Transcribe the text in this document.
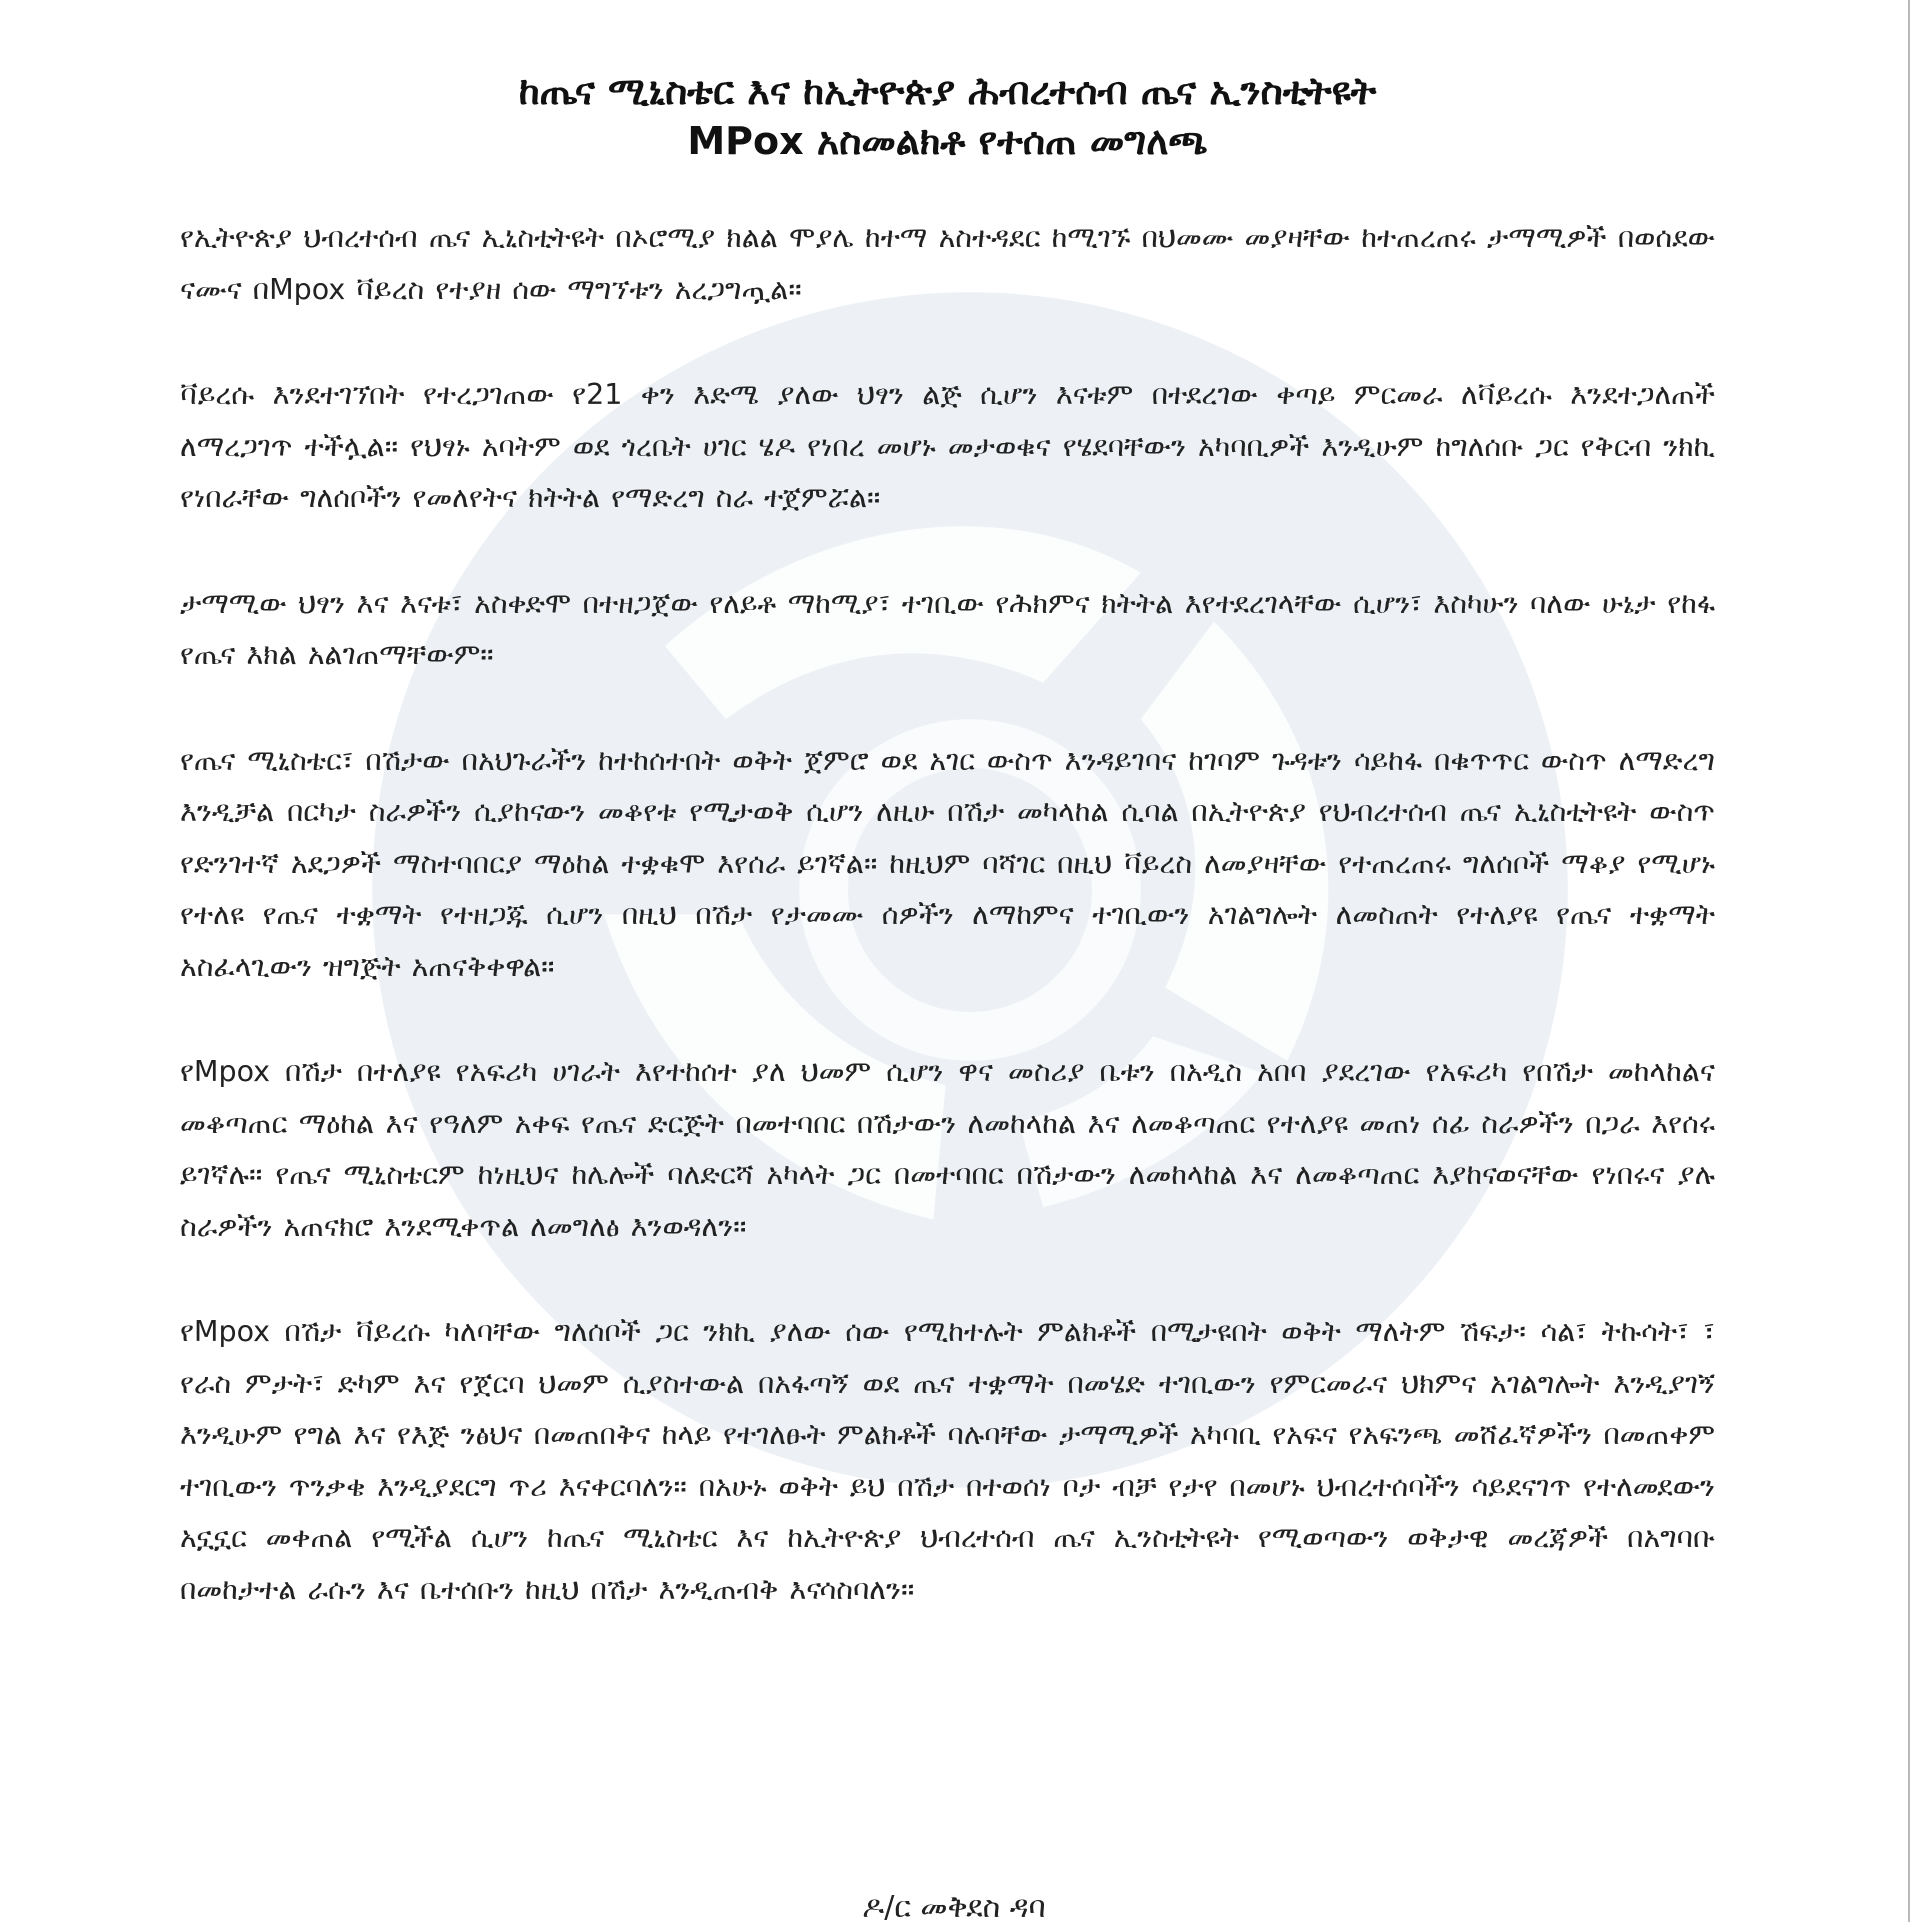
ከጤና ሚኒስቴር እና ከኢትዮጵያ ሕብረተሰብ ጤና ኢንስቲትዩት
MPox አስመልክቶ የተሰጠ መግለጫ

የኢትዮጵያ ህብረተሰብ ጤና ኢኒስቲትዩት በኦሮሚያ ክልል ሞያሌ ከተማ አስተዳደር ከሚገኙ በህመሙ መያዛቸው ከተጠረጠሩ ታማሚዎች በወሰደው ናሙና በMpox ቫይረስ የተያዘ ሰው ማግኘቱን አረጋግጧል።

ቫይረሱ እንደተገኘበት የተረጋገጠው የ21 ቀን እድሜ ያለው ህፃን ልጅ ሲሆን እናቱም በተደረገው ቀጣይ ምርመራ ለቫይረሱ እንደተጋለጠች ለማረጋገጥ ተችሏል። የህፃኑ አባትም ወደ ጎረቤት ሀገር ሄዶ የነበረ መሆኑ መታወቁና የሄደባቸውን አካባቢዎች እንዲሁም ከግለሰቡ ጋር የቅርብ ንክኪ የነበራቸው ግለሰቦችን የመለየትና ክትትል የማድረግ ስራ ተጀምሯል።

ታማሚው ህፃን እና እናቱ፣ አስቀድሞ በተዘጋጀው የለይቶ ማከሚያ፣ ተገቢው የሕክምና ክትትል እየተደረገላቸው ሲሆን፣ እስካሁን ባለው ሁኔታ የከፋ የጤና እክል አልገጠማቸውም።

የጤና ሚኒስቴር፣ በሽታው በአህጉራችን ከተከሰተበት ወቅት ጀምሮ ወደ አገር ውስጥ እንዳይገባና ከገባም ጉዳቱን ሳይከፋ በቁጥጥር ውስጥ ለማድረግ እንዲቻል በርካታ ስራዎችን ሲያከናውን መቆየቱ የሚታወቅ ሲሆን ለዚሁ በሽታ መካላከል ሲባል በኢትዮጵያ የህብረተሰብ ጤና ኢኒስቲትዩት ውስጥ የድንገተኛ አደጋዎች ማስተባበርያ ማዕከል ተቋቁሞ እየሰራ ይገኛል። ከዚህም ባሻገር በዚህ ቫይረስ ለመያዛቸው የተጠረጠሩ ግለሰቦች ማቆያ የሚሆኑ የተለዩ የጤና ተቋማት የተዘጋጁ ሲሆን በዚህ በሽታ የታመሙ ሰዎችን ለማከምና ተገቢውን አገልግሎት ለመስጠት የተለያዩ የጤና ተቋማት አስፈላጊውን ዝግጅት አጠናቅቀዋል።

የMpox በሽታ በተለያዩ የአፍሪካ ሀገራት እየተከሰተ ያለ ህመም ሲሆን ዋና መስሪያ ቤቱን በአዲስ አበባ ያደረገው የአፍሪካ የበሽታ መከላከልና መቆጣጠር ማዕከል እና የዓለም አቀፍ የጤና ድርጅት በመተባበር በሽታውን ለመከላከል እና ለመቆጣጠር የተለያዩ መጠነ ሰፊ ስራዎችን በጋራ እየሰሩ ይገኛሉ። የጤና ሚኒስቴርም ከነዚህና ከሌሎች ባለድርሻ አካላት ጋር በመተባበር በሽታውን ለመከላከል እና ለመቆጣጠር እያከናወናቸው የነበሩና ያሉ ስራዎችን አጠናክሮ እንደሚቀጥል ለመግለፅ እንወዳለን።

የMpox በሽታ ቫይረሱ ካለባቸው ግለሰቦች ጋር ንክኪ ያለው ሰው የሚከተሉት ምልክቶች በሚታዩበት ወቅት ማለትም ሽፍታ፡ ሳል፣ ትኩሳት፣ ፣ የራስ ምታት፣ ድካም እና የጀርባ ህመም ሲያስተውል በአፋጣኝ ወደ ጤና ተቋማት በመሄድ ተገቢውን የምርመራና ህክምና አገልግሎት እንዲያገኝ እንዲሁም የግል እና የእጅ ንፅህና በመጠበቅና ከላይ የተገለፁት ምልክቶች ባሉባቸው ታማሚዎች አካባቢ የአፍና የአፍንጫ መሸፈኛዎችን በመጠቀም ተገቢውን ጥንቃቄ እንዲያደርግ ጥሪ እናቀርባለን። በአሁኑ ወቅት ይህ በሽታ በተወሰነ ቦታ ብቻ የታየ በመሆኑ ህብረተሰባችን ሳይደናገጥ የተለመደውን አኗኗር መቀጠል የሚችል ሲሆን ከጤና ሚኒስቴር እና ከኢትዮጵያ ህብረተሰብ ጤና ኢንስቲትዩት የሚወጣውን ወቅታዊ መረጃዎች በአግባቡ በመከታተል ራሱን እና ቤተሰቡን ከዚህ በሽታ እንዲጠብቅ እናሳስባለን።

ዶ/ር መቅደስ ዳባ
